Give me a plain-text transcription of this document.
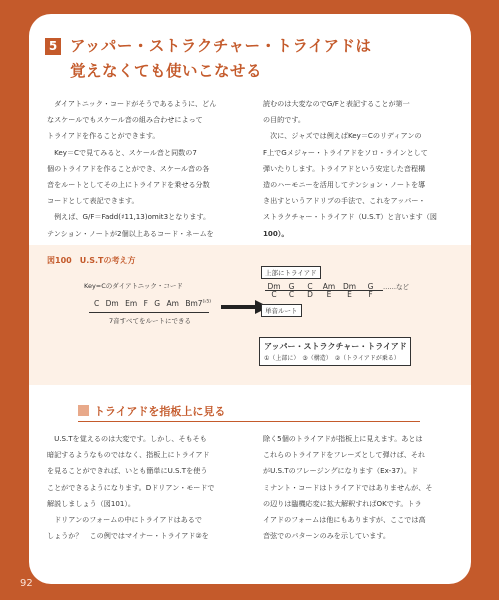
5 アッパー・ストラクチャー・トライアドは
覚えなくても使いこなせる

　ダイアトニック・コードがそうであるように、どん

なスケールでもスケール音の組み合わせによって

トライアドを作ることができます。

　Key＝Cで見てみると、スケール音と同数の7

個のトライアドを作ることができ、スケール音の各

音をルートとしてその上にトライアドを乗せる分数

コードとして表記できます。

　例えば、G/F＝Fadd(♯11,13)omit3となります。

テンション・ノートが2個以上あるコード・ネームを

読むのは大変なのでG/Fと表記することが第一

の目的です。

　次に、ジャズでは例えばKey＝Cのリディアンの

F上でGメジャー・トライアドをソロ・ラインとして

弾いたりします。トライアドという安定した音程構

造のハーモニーを活用してテンション・ノートを導

き出すというアドリブの手法で、これをアッパー・

ストラクチャー・トライアド（U.S.T）と言います（図

100）。

図100　U.S.Tの考え方
Key=Cのダイアトニック・コード
C Dm Em F G Am $Bm7^{(♭5)}$
7音すべてをルートにできる
上部にトライアド
Dm G C Am Dm G ……など
C C D E E F
単音ルート
アッパー・ストラクチャー・トライアド
①（上部に）　③（構造）　②（トライアドが乗る）
トライアドを指板上に見る

　U.S.Tを覚えるのは大変です。しかし、そもそも

暗記するようなものではなく、指板上にトライアド

を見ることができれば、いとも簡単にU.S.Tを使う

ことができるようになります。Dドリアン・モードで

解説しましょう（図101）。

　ドリアンのフォームの中にトライアドはあるで

しょうか？　この例ではマイナー・トライアド②を

除く5個のトライアドが指板上に見えます。あとは

これらのトライアドをフレーズとして弾けば、それ

がU.S.Tのフレージングになります（Ex-37）。ド

ミナント・コードはトライアドではありませんが、そ

の辺りは臨機応変に拡大解釈すればOKです。トラ

イアドのフォームは他にもありますが、ここでは高

音弦でのパターンのみを示しています。

92
